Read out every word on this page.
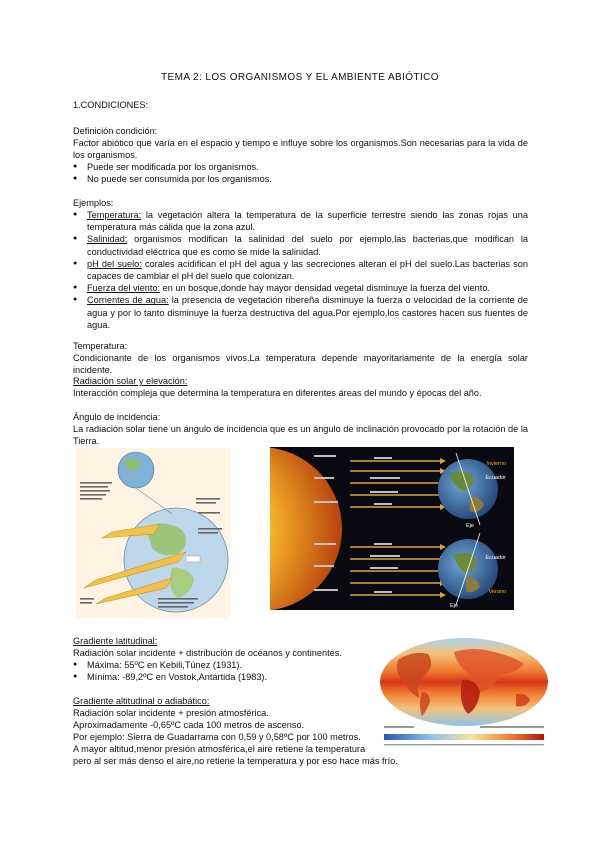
TEMA 2: LOS ORGANISMOS Y EL AMBIENTE ABIÓTICO
1.CONDICIONES:
Definición condición:
Factor abiótico que varía en el espacio y tiempo e influye sobre los organismos.Son necesarias para la vida de los organismos.
● Puede ser modificada por los organismos.
● No puede ser consumida por los organismos.
Ejemplos:
● Temperatura: la vegetación altera la temperatura de la superficie terrestre siendo las zonas rojas una temperatura más cálida que la zona azul.
● Salinidad: organismos modifican la salinidad del suelo por ejemplo,las bacterias,que modifican la conductividad eléctrica que es como se mide la salinidad.
● pH del suelo: corales acidifican el pH del agua y las secreciones alteran el pH del suelo.Las bacterias son capaces de cambiar el pH del suelo que colonizan.
● Fuerza del viento: en un bosque,donde hay mayor densidad vegetal disminuye la fuerza del viento.
● Corrientes de agua: la presencia de vegetación ribereña disminuye la fuerza o velocidad de la corriente de agua y por lo tanto disminuye la fuerza destructiva del agua.Por ejemplo,los castores hacen sus fuentes de agua.
Temperatura:
Condicionante de los organismos vivos.La temperatura depende mayoritariamente de la energía solar incidente.
Radiación solar y elevación:
Interacción compleja que determina la temperatura en diferentes áreas del mundo y épocas del año.
Ángulo de incidencia:
La radiación solar tiene un ángulo de incidencia que es un ángulo de inclinación provocado por la rotación de la Tierra.
Invierno
Ecuador
Eje
Ecuador
Verano
Eje
Gradiente latitudinal:
Radiación solar incidente + distribución de océanos y continentes.
● Máxima: 55ºC en Kebili,Túnez (1931).
● Mínima: -89,2ºC en Vostok,Antártida (1983).
Gradiente altitudinal o adiabático:
Radiación solar incidente + presión atmosférica.
Aproximadamente -0,65ºC cada 100 metros de ascenso.
Por ejemplo: Sierra de Guadarrama con 0,59 y 0,58ºC por 100 metros.
A mayor altitud,menor presión atmosférica,el aire retiene la temperatura
pero al ser más denso el aire,no retiene la temperatura y por eso hace más frío.
